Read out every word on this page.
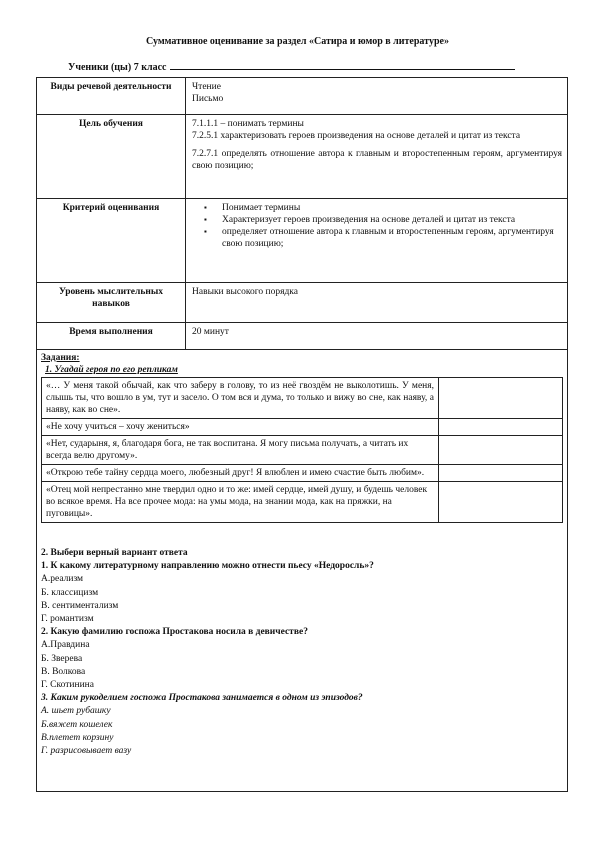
Суммативное оценивание за раздел «Сатира и юмор в литературе»
Ученики (цы) 7 класс
Виды речевой деятельности	Чтение
Письмо

Цель обучения	7.1.1.1 – понимать термины
7.2.5.1 характеризовать героев произведения на основе деталей и цитат из текста
7.2.7.1 определять отношение автора к главным и второстепенным героям, аргументируя свою позицию;

Критерий оценивания	
▪Понимает термины
▪ Характеризует героев произведения на основе деталей и цитат из текста
▪ определяет отношение автора к главным и второстепенным героям, аргументируя свою позицию;

Уровень мыслительных навыков	Навыки высокого порядка
Время выполнения	20 минут

Задания:

1. Угадай героя по его репликам

«… У меня такой обычай, как что заберу в голову, то из неё гвоздём не выколотишь. У меня, слышь ты, что вошло в ум, тут и засело. О том вся и дума, то только и вижу во сне, как наяву, а наяву, как во сне».	
«Не хочу учиться – хочу жениться»	
«Нет, сударыня, я, благодаря бога, не так воспитана. Я могу письма получать, а читать их всегда велю другому».	
«Открою тебе тайну сердца моего, любезный друг! Я влюблен и имею счастие быть любим».	
«Отец мой непрестанно мне твердил одно и то же: имей сердце, имей душу, и будешь человек во всякое время. На все прочее мода: на умы мода, на знании мода, как на пряжки, на пуговицы».	

2. Выбери верный вариант ответа

1. К какому литературному направлению можно отнести пьесу «Недоросль»?

А.реализм

Б. классицизм

В. сентиментализм

Г. романтизм

2. Какую фамилию госпожа Простакова носила в девичестве?

А.Правдина

Б. Зверева

В. Волкова

Г. Скотинина

3. Каким рукоделием госпожа Простакова занимается в одном из эпизодов?

А. шьет рубашку

Б.вяжет кошелек

В.плетет корзину

Г. разрисовывает вазу
